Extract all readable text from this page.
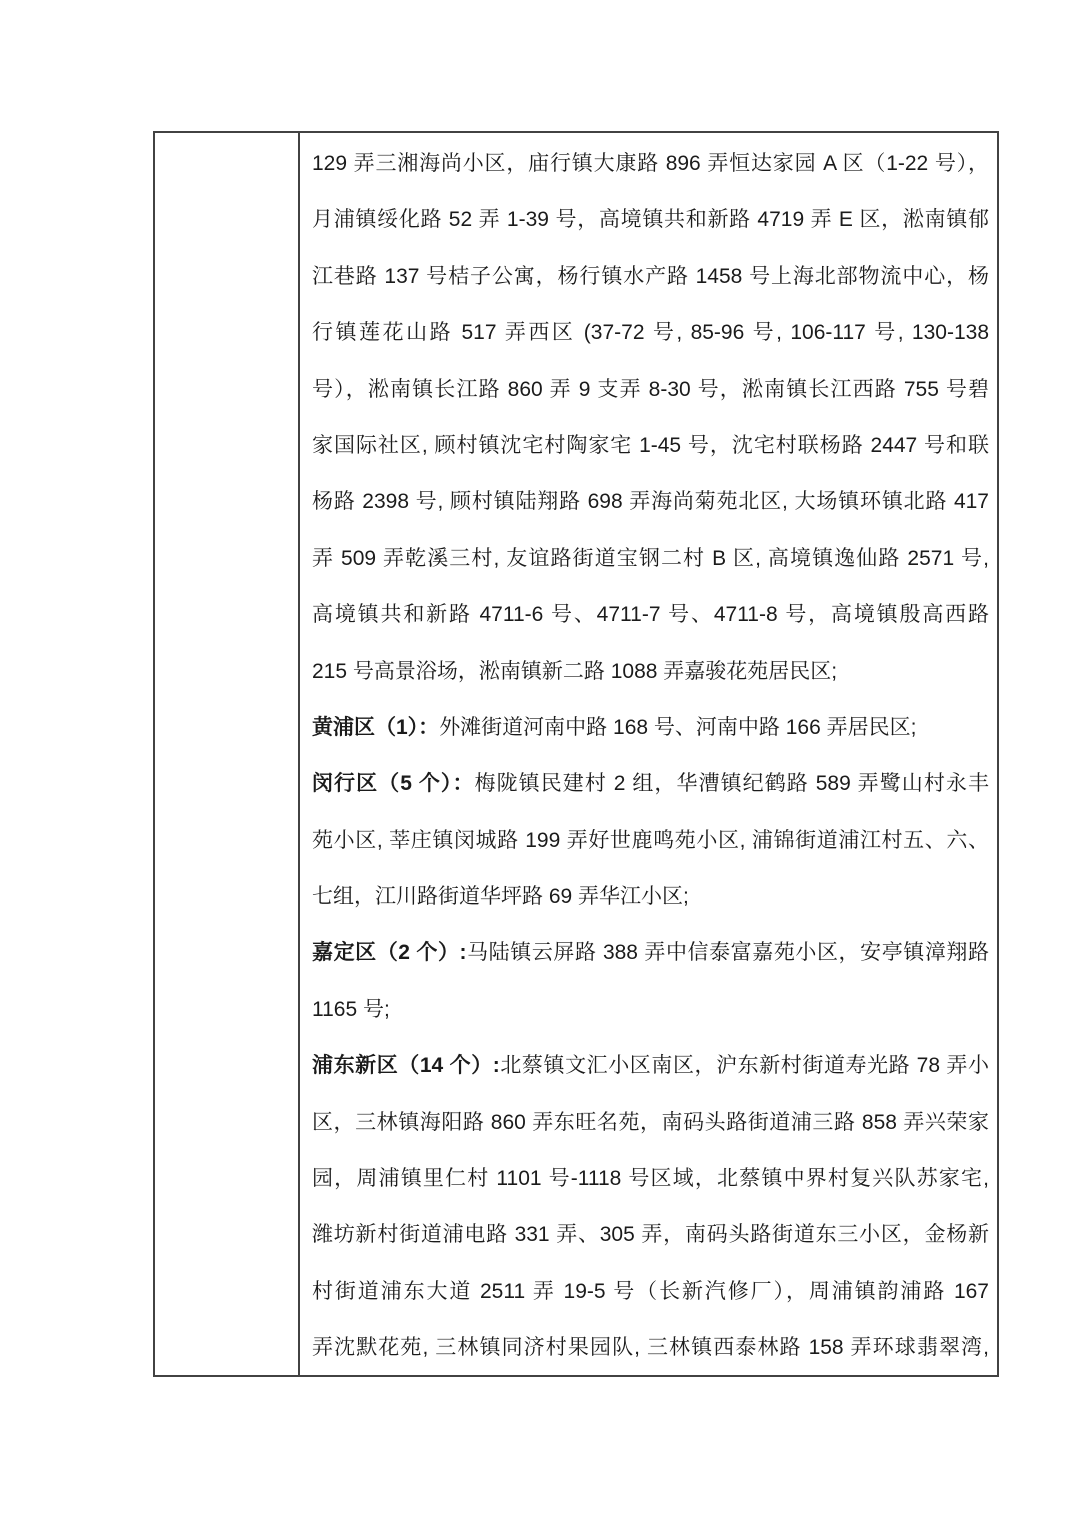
129 弄三湘海尚小区，庙行镇大康路 896 弄恒达家园 A 区（1-22 号），
月浦镇绥化路 52 弄 1-39 号，高境镇共和新路 4719 弄 E 区，淞南镇郁
江巷路 137 号桔子公寓，杨行镇水产路 1458 号上海北部物流中心，杨
行镇莲花山路 517 弄西区 (37-72 号, 85-96 号, 106-117 号, 130-138
号），淞南镇长江路 860 弄 9 支弄 8-30 号，淞南镇长江西路 755 号碧
家国际社区, 顾村镇沈宅村陶家宅 1-45 号，沈宅村联杨路 2447 号和联
杨路 2398 号, 顾村镇陆翔路 698 弄海尚菊苑北区, 大场镇环镇北路 417
弄 509 弄乾溪三村, 友谊路街道宝钢二村 B 区, 高境镇逸仙路 2571 号,
高境镇共和新路 4711-6 号、4711-7 号、4711-8 号，高境镇殷高西路
215 号高景浴场，淞南镇新二路 1088 弄嘉骏花苑居民区;
黄浦区（1）：外滩街道河南中路 168 号、河南中路 166 弄居民区;
闵行区（5 个）：梅陇镇民建村 2 组，华漕镇纪鹤路 589 弄鹭山村永丰
苑小区, 莘庄镇闵城路 199 弄好世鹿鸣苑小区, 浦锦街道浦江村五、六、
七组，江川路街道华坪路 69 弄华江小区;
嘉定区（2 个）:马陆镇云屏路 388 弄中信泰富嘉苑小区，安亭镇漳翔路
1165 号;
浦东新区（14 个）:北蔡镇文汇小区南区，沪东新村街道寿光路 78 弄小
区，三林镇海阳路 860 弄东旺名苑，南码头路街道浦三路 858 弄兴荣家
园，周浦镇里仁村 1101 号-1118 号区域，北蔡镇中界村复兴队苏家宅,
潍坊新村街道浦电路 331 弄、305 弄，南码头路街道东三小区，金杨新
村街道浦东大道 2511 弄 19-5 号（长新汽修厂），周浦镇韵浦路 167
弄沈默花苑, 三林镇同济村果园队, 三林镇西泰林路 158 弄环球翡翠湾,
